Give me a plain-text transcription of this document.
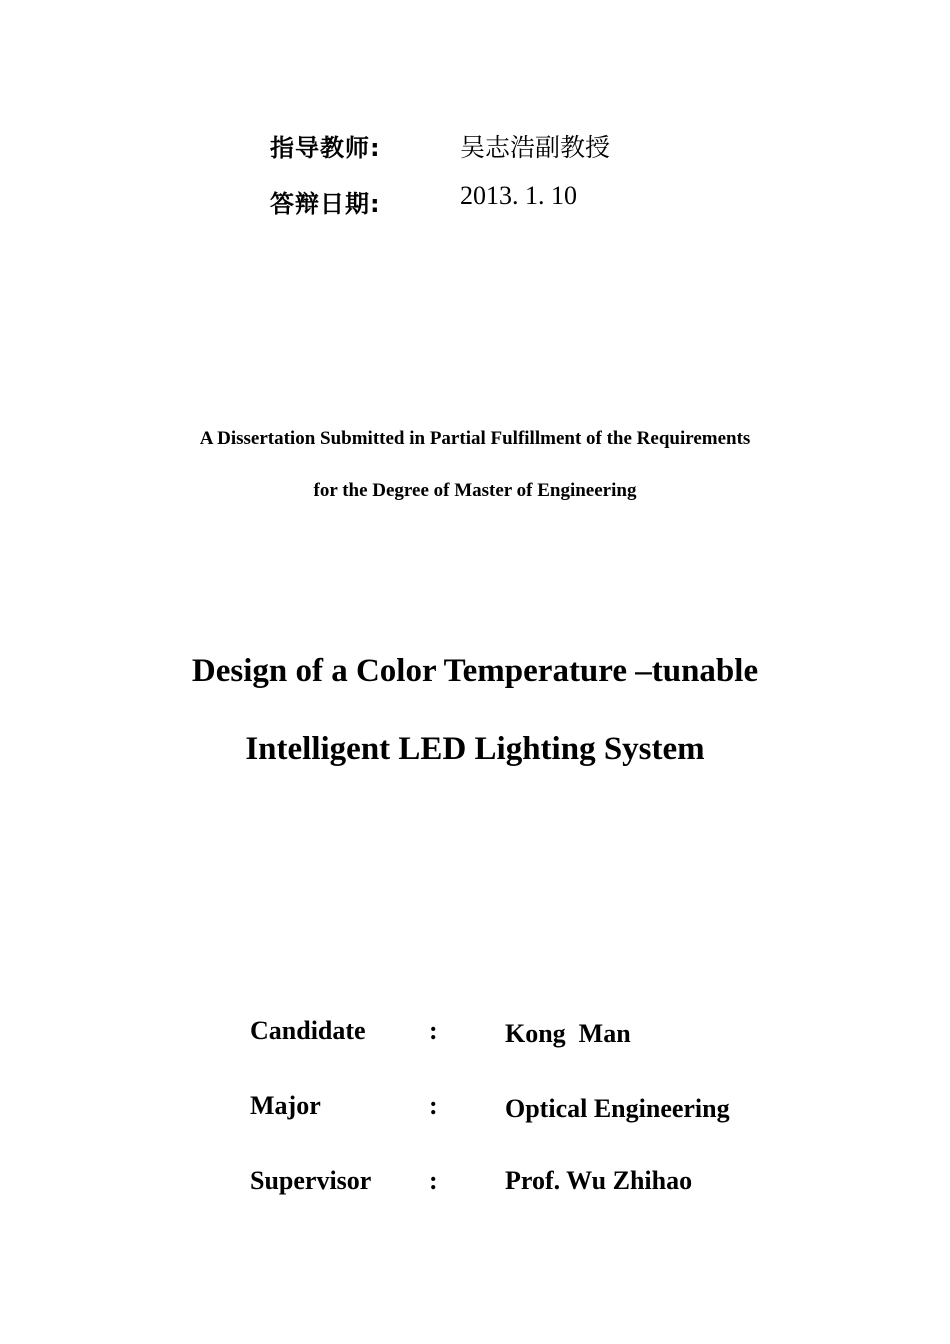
指导教师:	吴志浩副教授
答辩日期:	2013. 1. 10
A Dissertation Submitted in Partial Fulfillment of the Requirements
for the Degree of Master of Engineering
Design of a Color Temperature –tunable
Intelligent LED Lighting System
Candidate :	Kong  Man
Major	:	Optical Engineering
Supervisor :	Prof. Wu Zhihao
